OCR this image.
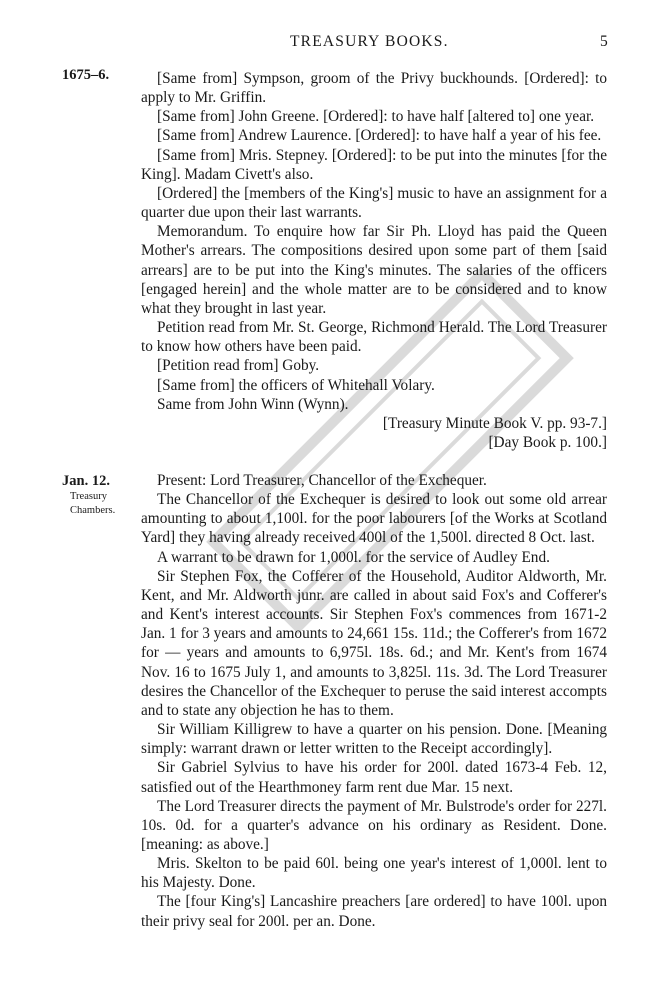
TREASURY BOOKS.	5
1675–6.	[Same from] Sympson, groom of the Privy buckhounds. [Ordered]: to apply to Mr. Griffin.

[Same from] John Greene. [Ordered]: to have half [altered to] one year.

[Same from] Andrew Laurence. [Ordered]: to have half a year of his fee.

[Same from] Mris. Stepney. [Ordered]: to be put into the minutes [for the King]. Madam Civett's also.

[Ordered] the [members of the King's] music to have an assignment for a quarter due upon their last warrants.

Memorandum. To enquire how far Sir Ph. Lloyd has paid the Queen Mother's arrears. The compositions desired upon some part of them [said arrears] are to be put into the King's minutes. The salaries of the officers [engaged herein] and the whole matter are to be considered and to know what they brought in last year.

Petition read from Mr. St. George, Richmond Herald. The Lord Treasurer to know how others have been paid.

[Petition read from] Goby.

[Same from] the officers of Whitehall Volary.

Same from John Winn (Wynn).

[Treasury Minute Book V. pp. 93-7.]

[Day Book p. 100.]

Jan. 12.
Treasury Chambers.

Present: Lord Treasurer, Chancellor of the Exchequer.

The Chancellor of the Exchequer is desired to look out some old arrear amounting to about 1,100l. for the poor labourers [of the Works at Scotland Yard] they having already received 400l of the 1,500l. directed 8 Oct. last.

A warrant to be drawn for 1,000l. for the service of Audley End.

Sir Stephen Fox, the Cofferer of the Household, Auditor Aldworth, Mr. Kent, and Mr. Aldworth junr. are called in about said Fox's and Cofferer's and Kent's interest accounts. Sir Stephen Fox's commences from 1671-2 Jan. 1 for 3 years and amounts to 24,661 15s. 11d.; the Cofferer's from 1672 for — years and amounts to 6,975l. 18s. 6d.; and Mr. Kent's from 1674 Nov. 16 to 1675 July 1, and amounts to 3,825l. 11s. 3d. The Lord Treasurer desires the Chancellor of the Exchequer to peruse the said interest accompts and to state any objection he has to them.

Sir William Killigrew to have a quarter on his pension. Done. [Meaning simply: warrant drawn or letter written to the Receipt accordingly].

Sir Gabriel Sylvius to have his order for 200l. dated 1673-4 Feb. 12, satisfied out of the Hearthmoney farm rent due Mar. 15 next.

The Lord Treasurer directs the payment of Mr. Bulstrode's order for 227l. 10s. 0d. for a quarter's advance on his ordinary as Resident. Done. [meaning: as above.]

Mris. Skelton to be paid 60l. being one year's interest of 1,000l. lent to his Majesty. Done.

The [four King's] Lancashire preachers [are ordered] to have 100l. upon their privy seal for 200l. per an. Done.
